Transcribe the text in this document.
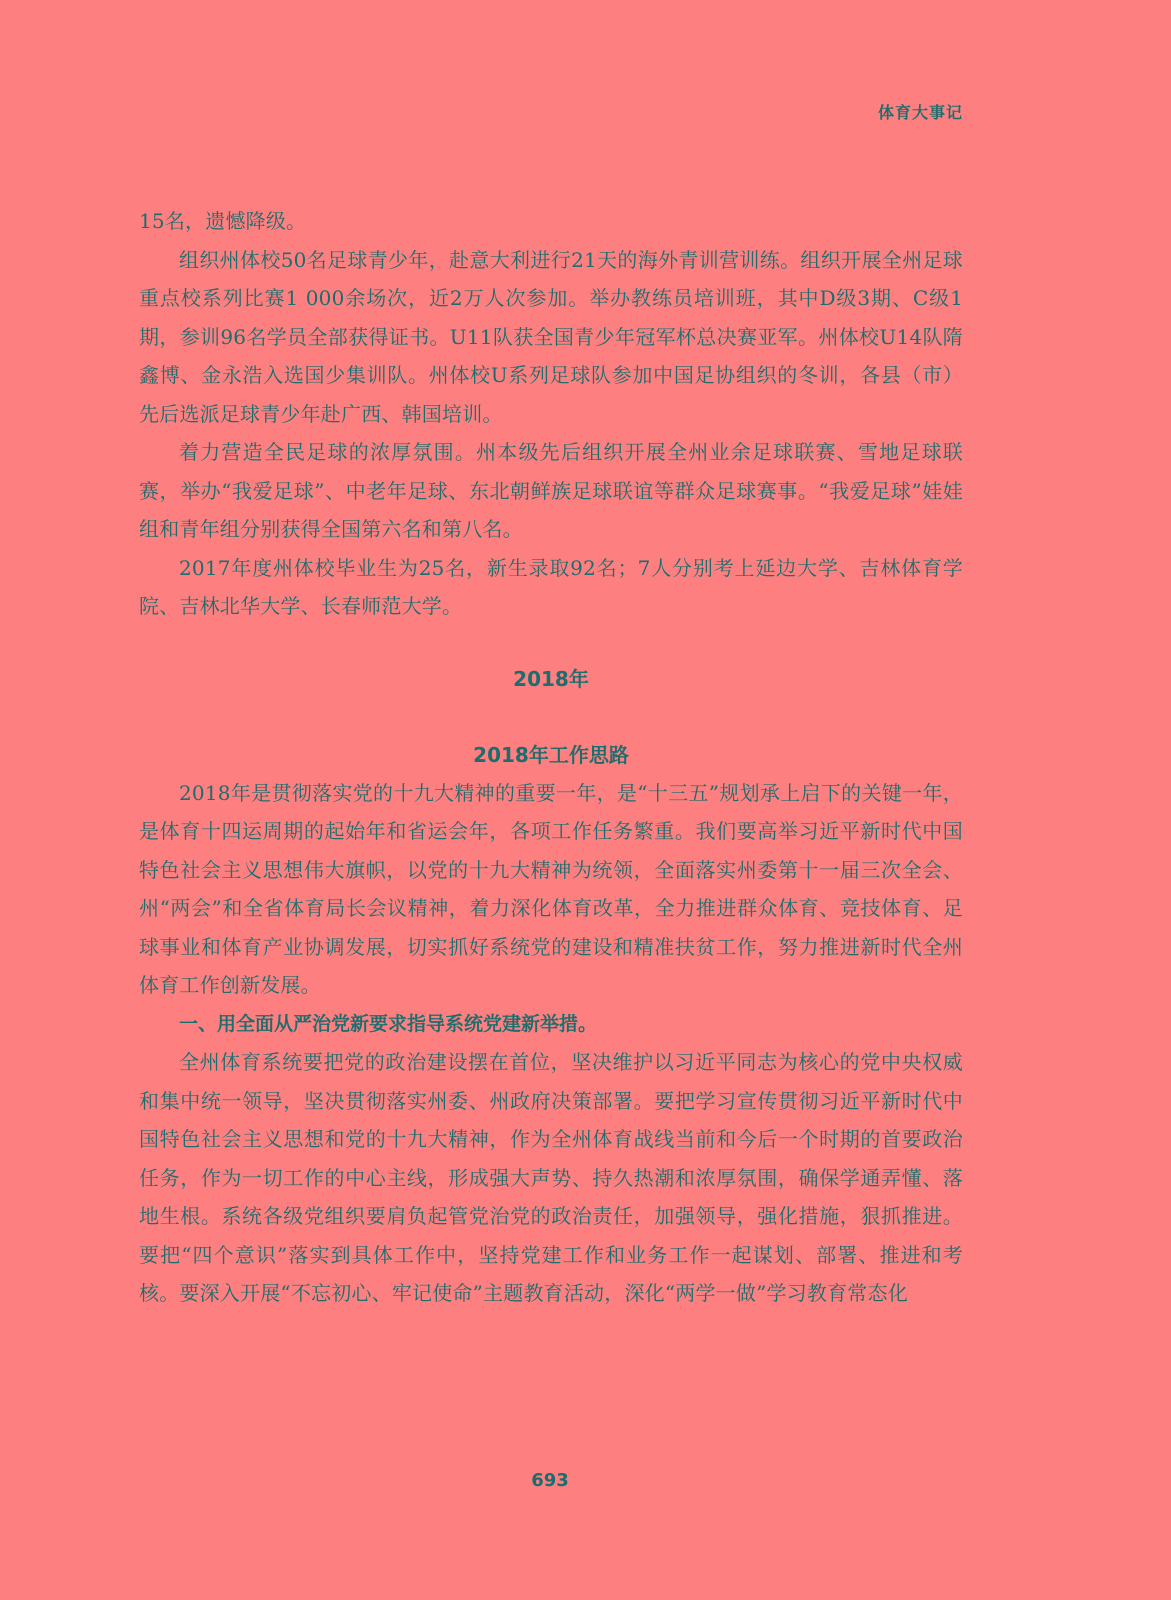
体育大事记

15名，遗憾降级。

组织州体校50名足球青少年，赴意大利进行21天的海外青训营训练。组织开展全州足球重点校系列比赛1 000余场次，近2万人次参加。举办教练员培训班，其中D级3期、C级1期，参训96名学员全部获得证书。U11队获全国青少年冠军杯总决赛亚军。州体校U14队隋鑫博、金永浩入选国少集训队。州体校U系列足球队参加中国足协组织的冬训，各县（市）先后选派足球青少年赴广西、韩国培训。

着力营造全民足球的浓厚氛围。州本级先后组织开展全州业余足球联赛、雪地足球联赛，举办“我爱足球”、中老年足球、东北朝鲜族足球联谊等群众足球赛事。“我爱足球”娃娃组和青年组分别获得全国第六名和第八名。

2017年度州体校毕业生为25名，新生录取92名；7人分别考上延边大学、吉林体育学院、吉林北华大学、长春师范大学。

2018年
2018年工作思路

2018年是贯彻落实党的十九大精神的重要一年，是“十三五”规划承上启下的关键一年，是体育十四运周期的起始年和省运会年，各项工作任务繁重。我们要高举习近平新时代中国特色社会主义思想伟大旗帜，以党的十九大精神为统领，全面落实州委第十一届三次全会、州“两会”和全省体育局长会议精神，着力深化体育改革，全力推进群众体育、竞技体育、足球事业和体育产业协调发展，切实抓好系统党的建设和精准扶贫工作，努力推进新时代全州体育工作创新发展。

一、用全面从严治党新要求指导系统党建新举措。

全州体育系统要把党的政治建设摆在首位，坚决维护以习近平同志为核心的党中央权威和集中统一领导，坚决贯彻落实州委、州政府决策部署。要把学习宣传贯彻习近平新时代中国特色社会主义思想和党的十九大精神，作为全州体育战线当前和今后一个时期的首要政治任务，作为一切工作的中心主线，形成强大声势、持久热潮和浓厚氛围，确保学通弄懂、落地生根。系统各级党组织要肩负起管党治党的政治责任，加强领导，强化措施，狠抓推进。要把“四个意识”落实到具体工作中，坚持党建工作和业务工作一起谋划、部署、推进和考核。要深入开展“不忘初心、牢记使命”主题教育活动，深化“两学一做”学习教育常态化

693
